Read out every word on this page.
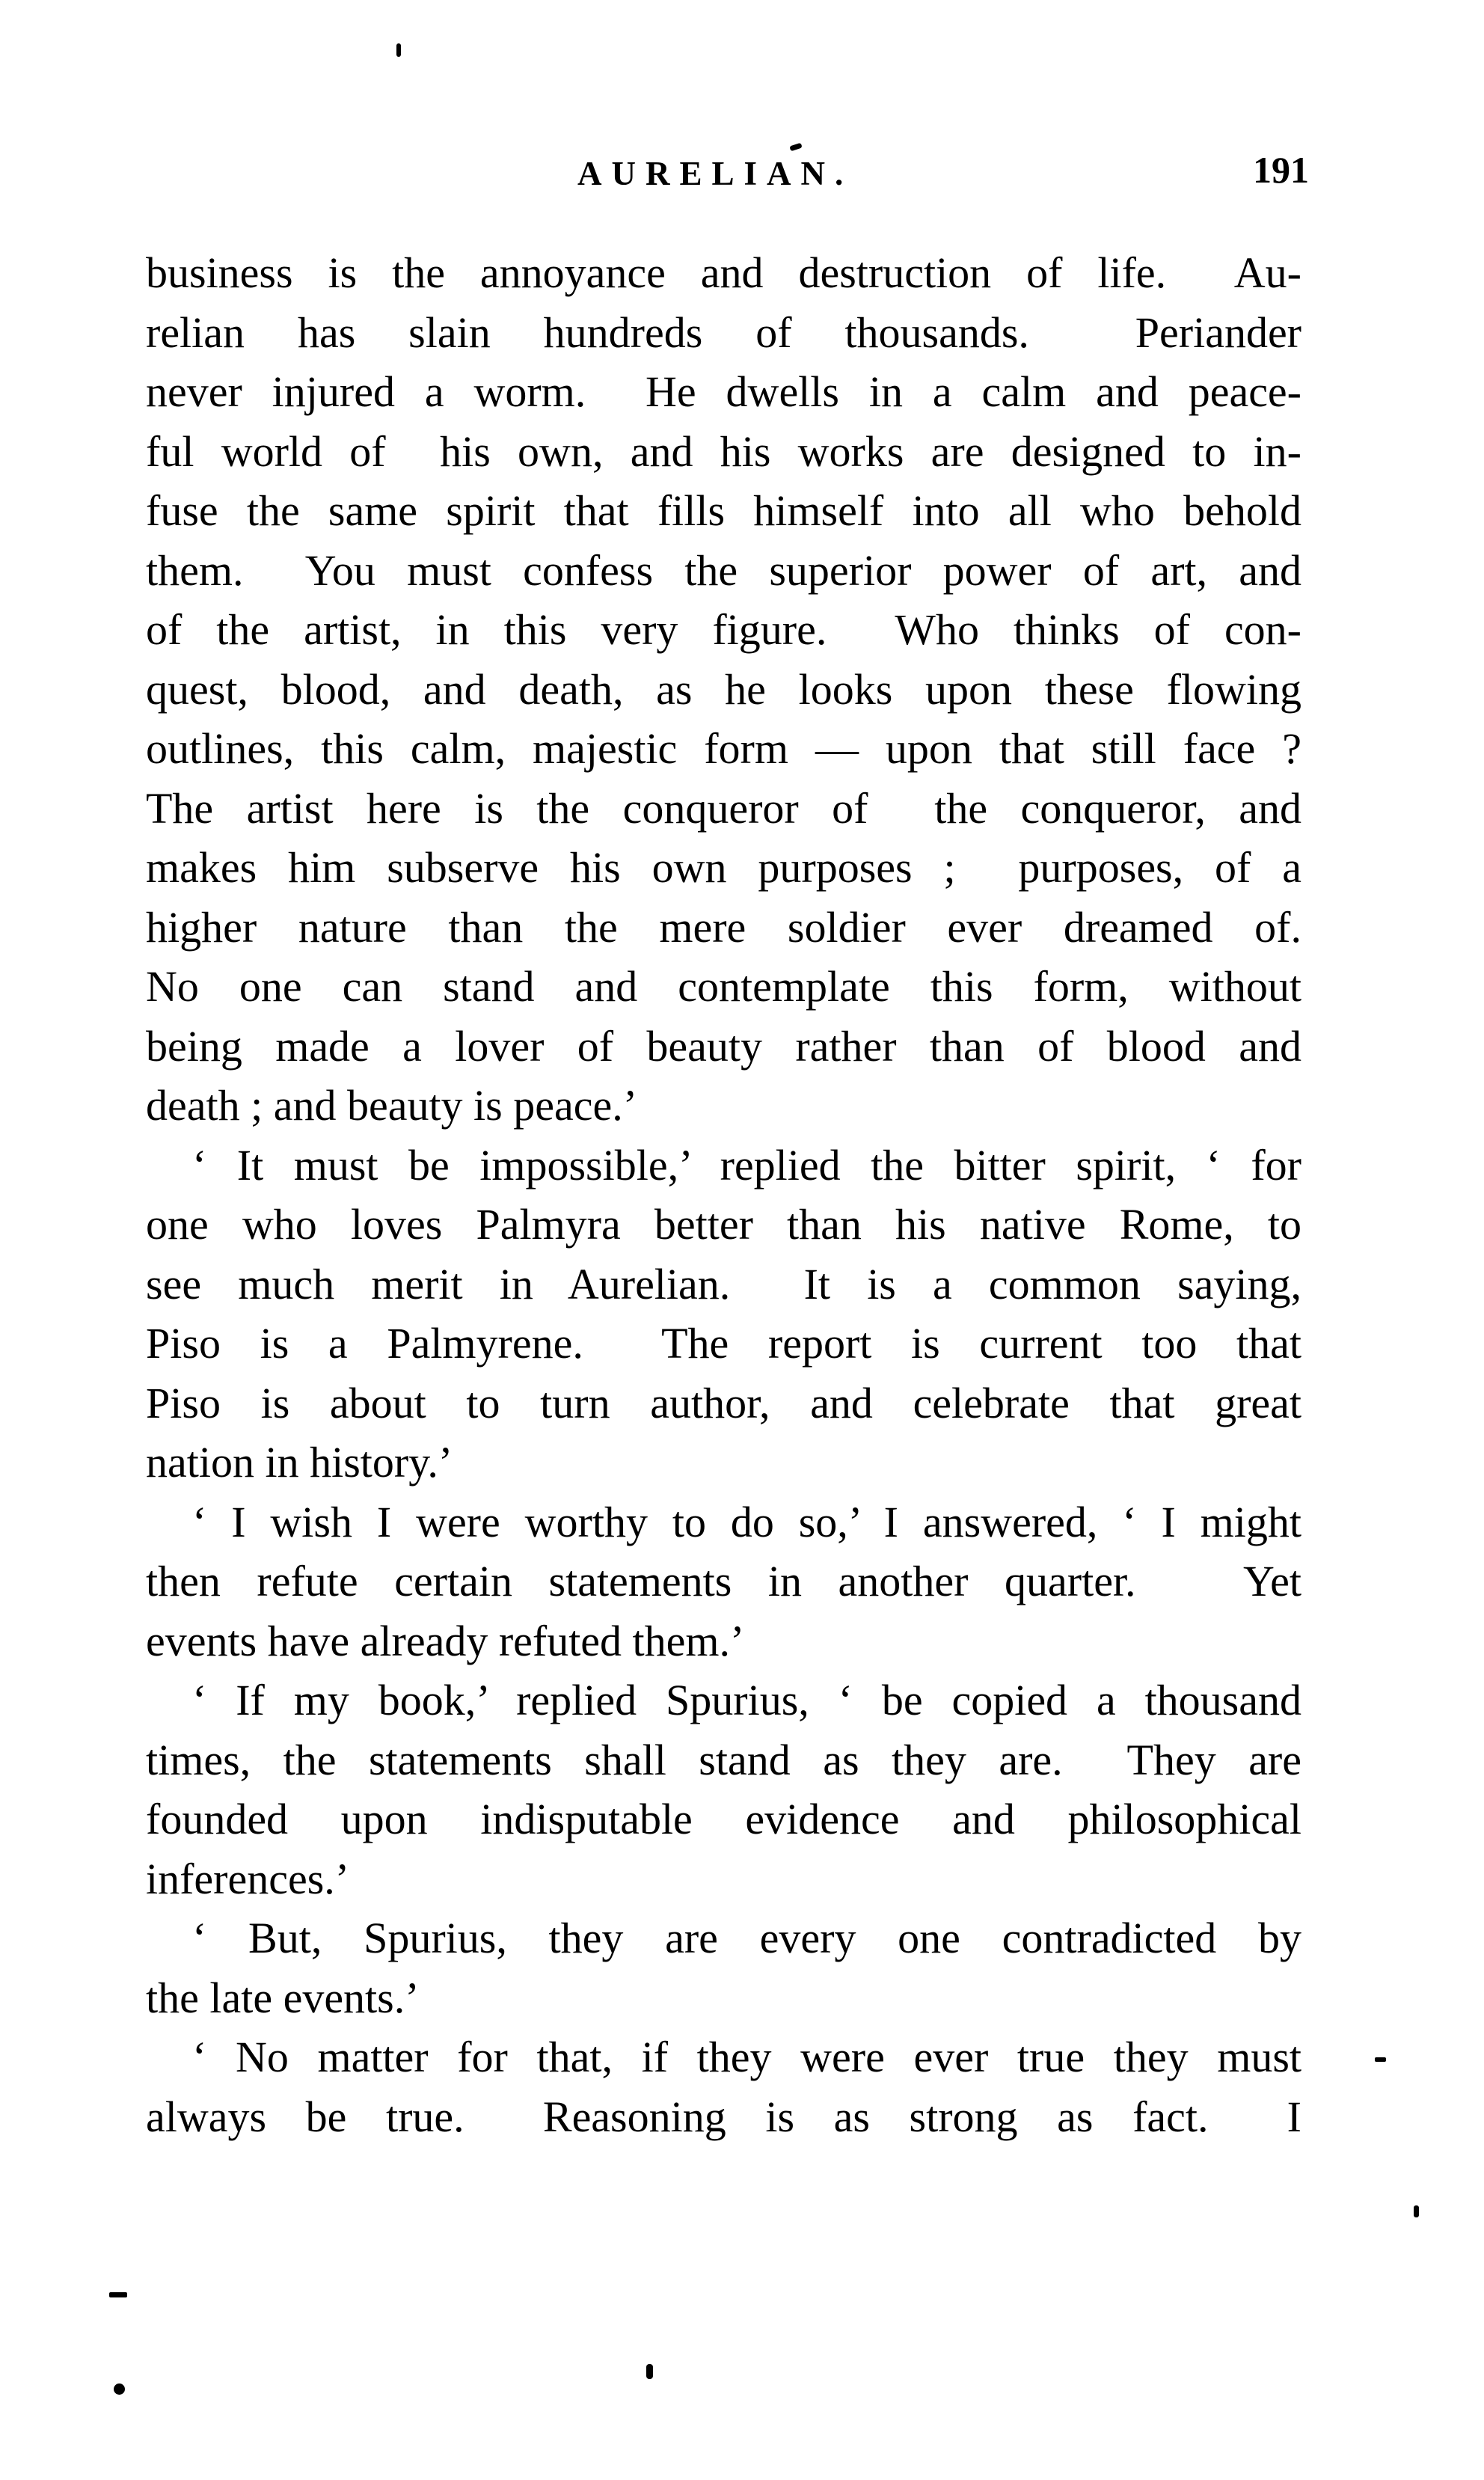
AURELIAN.	191
business is the annoyance and destruction of life.  Au-
relian has slain hundreds of thousands.  Periander
never injured a worm.  He dwells in a calm and peace-
ful world of  his own, and his works are designed to in-
fuse the same spirit that fills himself into all who behold
them.  You must confess the superior power of art, and
of the artist, in this very figure.  Who thinks of con-
quest, blood, and death, as he looks upon these flowing
outlines, this calm, majestic form — upon that still face ?
The artist here is the conqueror of  the conqueror, and
makes him subserve his own purposes ;  purposes, of a
higher nature than the mere soldier ever dreamed of.
No one can stand and contemplate this form, without
being made a lover of beauty rather than of blood and
death ; and beauty is peace.’
‘ It must be impossible,’ replied the bitter spirit, ‘ for
one who loves Palmyra better than his native Rome, to
see much merit in Aurelian.  It is a common saying,
Piso is a Palmyrene.  The report is current too that
Piso is about to turn author, and celebrate that great
nation in history.’
‘ I wish I were worthy to do so,’ I answered, ‘ I might
then refute certain statements in another quarter.   Yet
events have already refuted them.’
‘ If my book,’ replied Spurius, ‘ be copied a thousand
times, the statements shall stand as they are.  They are
founded upon indisputable evidence and philosophical
inferences.’
‘ But, Spurius, they are every one contradicted by
the late events.’
‘ No matter for that, if they were ever true they must
always be true.  Reasoning is as strong as fact.  I
